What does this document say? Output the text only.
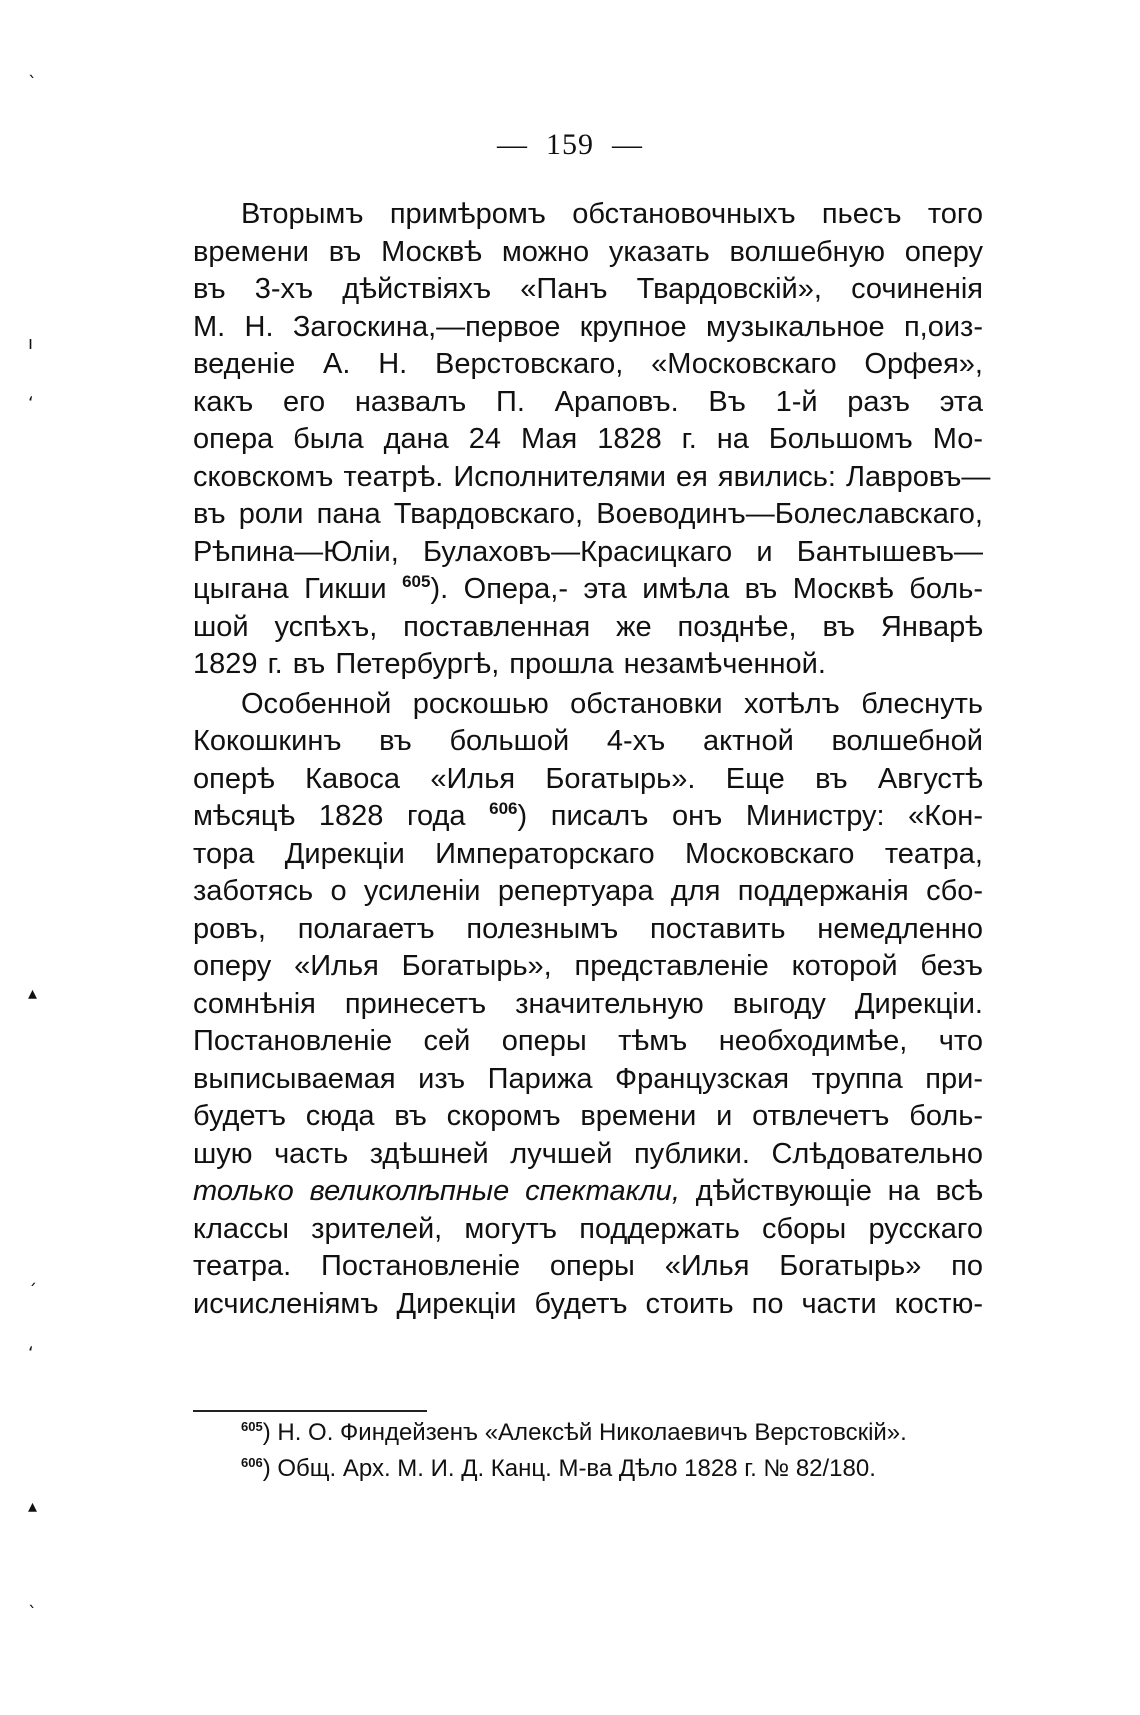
— 159 —
Вторымъ примѣромъ обстановочныхъ пьесъ того
времени въ Москвѣ можно указать волшебную оперу
въ 3-хъ дѣйствiяхъ «Панъ Твардовскiй», сочиненiя
М. Н. Загоскина,—первое крупное музыкальное п,оиз-
веденiе А. Н. Верстовскаго, «Московскаго Орфея»,
какъ его назвалъ П. Араповъ. Въ 1-й разъ эта
опера была дана 24 Мая 1828 г. на Большомъ Мо-
сковскомъ театрѣ. Исполнителями ея явились: Лавровъ—
въ роли пана Твардовскаго, Воеводинъ—Болеславскаго,
Рѣпина—Юлiи, Булаховъ—Красицкаго и Бантышевъ—
цыгана Гикши $^{605}$). Опера,- эта имѣла въ Москвѣ боль-
шой успѣхъ, поставленная же позднѣе, въ Январѣ
1829 г. въ Петербургѣ, прошла незамѣченной.
Особенной роскошью обстановки хотѣлъ блеснуть
Кокошкинъ въ большой 4-хъ актной волшебной
оперѣ Кавоса «Илья Богатырь». Еще въ Августѣ
мѣсяцѣ 1828 года $^{606}$) писалъ онъ Министру: «Кон-
тора Дирекцiи Императорскаго Московскаго театра,
заботясь о усиленiи репертуара для поддержанiя сбо-
ровъ, полагаетъ полезнымъ поставить немедленно
оперу «Илья Богатырь», представленiе которой безъ
сомнѣнiя принесетъ значительную выгоду Дирекцiи.
Постановленiе сей оперы тѣмъ необходимѣе, что
выписываемая изъ Парижа Французская труппа при-
будетъ сюда въ скоромъ времени и отвлечетъ боль-
шую часть здѣшней лучшей публики. Слѣдовательно
только великолѣпные спектакли, дѣйствующiе на всѣ
классы зрителей, могутъ поддержать сборы русскаго
театра. Постановленiе оперы «Илья Богатырь» по
исчисленiямъ Дирекцiи будетъ стоить по части костю-
$^{605}$) Н. О. Финдейзенъ «Алексѣй Николаевичъ Верстовскiй».
$^{606}$) Общ. Арх. М. И. Д. Канц. М-ва Дѣло 1828 г. № 82/180.
ˎ
ı
ʻ
▴
ˏ
ʻ
▴
ˎ
